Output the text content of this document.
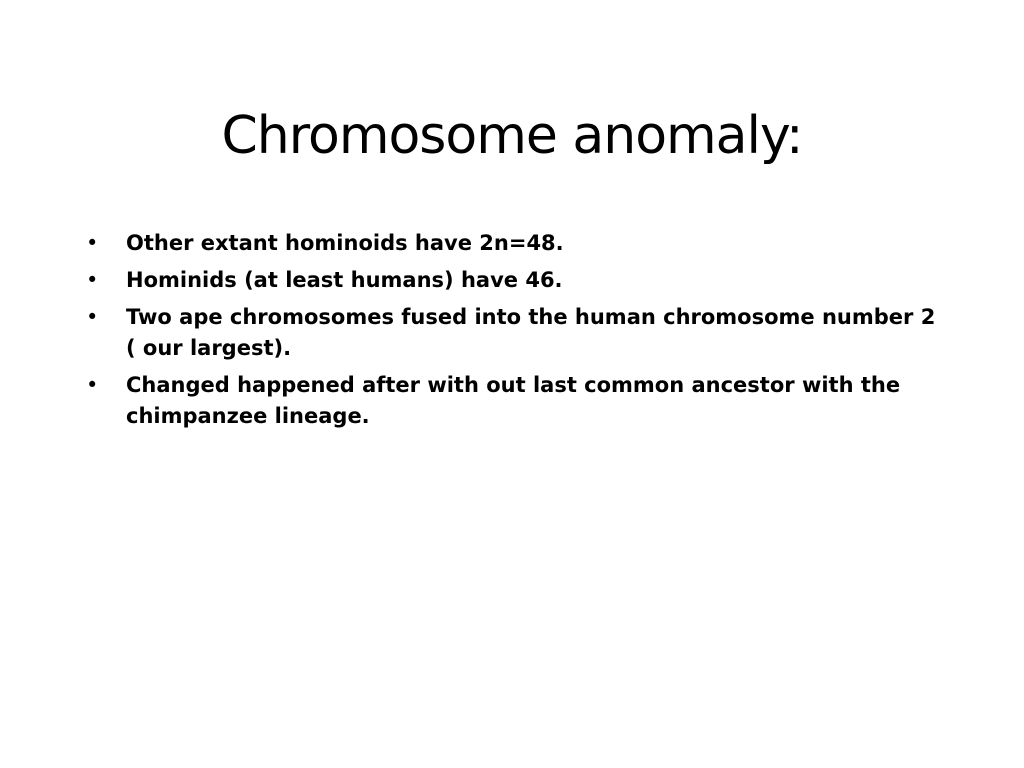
Chromosome anomaly:
• Other extant hominoids have 2n=48.
• Hominids (at least humans) have 46.
• Two ape chromosomes fused into the human chromosome number 2 ( our largest).
• Changed happened after with out last common ancestor with the chimpanzee lineage.
